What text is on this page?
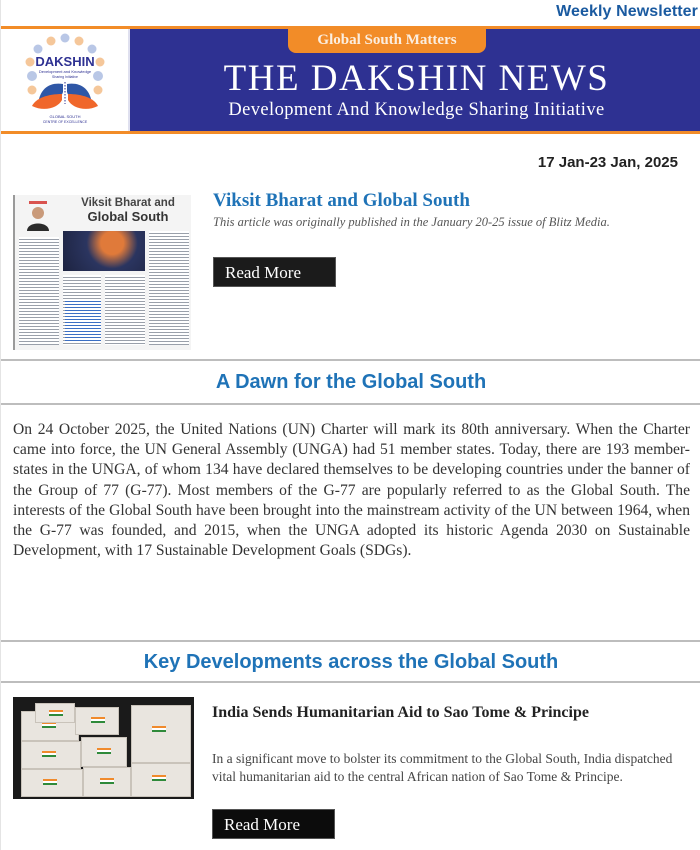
Weekly Newsletter
DAKSHIN
Development and Knowledge
Sharing Initiative
GLOBAL SOUTH
CENTRE OF EXCELLENCE
Global South Matters
THE DAKSHIN NEWS
Development And Knowledge Sharing Initiative
17 Jan-23 Jan, 2025
Viksit Bharat and
Global South
Viksit Bharat and Global South
This article was originally published in the January 20-25 issue of Blitz Media.
Read More
A Dawn for the Global South
On 24 October 2025, the United Nations (UN) Charter will mark its 80th anniversary. When the Charter came into force, the UN General Assembly (UNGA) had 51 member states. Today, there are 193 member-states in the UNGA, of whom 134 have declared themselves to be developing countries under the banner of the Group of 77 (G-77). Most members of the G-77 are popularly referred to as the Global South. The interests of the Global South have been brought into the mainstream activity of the UN between 1964, when the G-77 was founded, and 2015, when the UNGA adopted its historic Agenda 2030 on Sustainable Development, with 17 Sustainable Development Goals (SDGs).
Key Developments across the Global South
India Sends Humanitarian Aid to Sao Tome & Principe
In a significant move to bolster its commitment to the Global South, India dispatched vital humanitarian aid to the central African nation of Sao Tome & Principe.
Read More
